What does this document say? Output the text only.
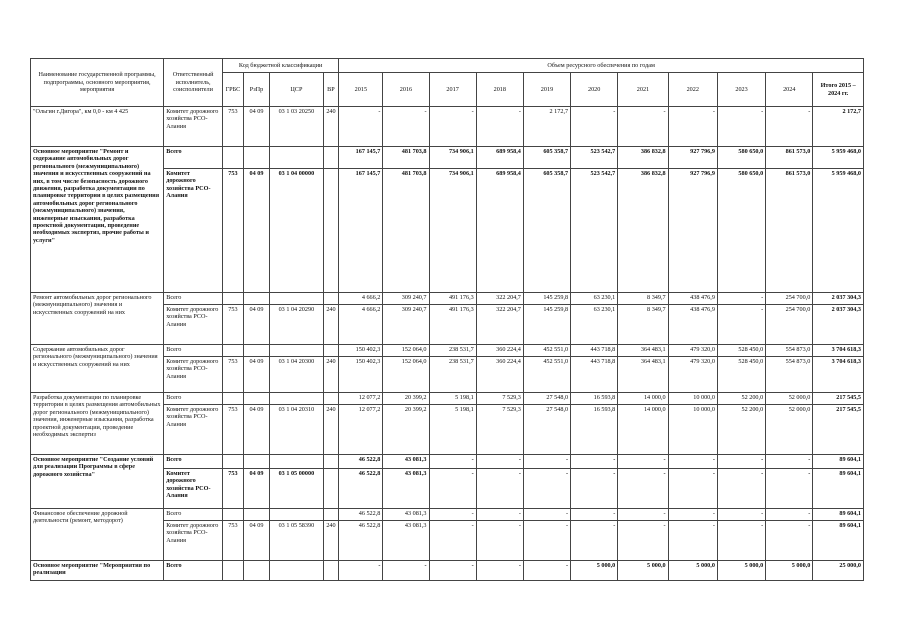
Наименование государственной программы, подпрограммы, основного мероприятия, мероприятия	Ответственный исполнитель, соисполнители	Код бюджетной классификации				Объем ресурсного обеспечения по годам										
		ГРБС	РзПр	ЦСР	ВР	2015	2016	2017	2018	2019	2020	2021	2022	2023	2024	Итого 2015 – 2024 гг.
"Ольгин г.Дигора", км 0,0 - км 4 425	Комитет дорожного хозяйства РСО-Алания	753	04 09	03 1 03 20250	240	-	-	-	-	2 172,7	-	-	-	-	-	2 172,7
Основное мероприятие "Ремонт и содержание автомобильных дорог регионального (межмуниципального) значения и искусственных сооружений на них, в том числе безопасность дорожного движения, разработка документации по планировке территории в целях размещения автомобильных дорог регионального (межмуниципального) значения, инженерные изыскания, разработка проектной документации, проведение необходимых экспертиз, прочие работы и услуги"	Всего					167 145,7	481 703,8	734 906,1	689 958,4	605 358,7	523 542,7	386 832,8	927 796,9	580 650,0	861 573,0	5 959 468,0
	Комитет дорожного хозяйства РСО-Алания	753	04 09	03 1 04 00000		167 145,7	481 703,8	734 906,1	689 958,4	605 358,7	523 542,7	386 832,8	927 796,9	580 650,0	861 573,0	5 959 468,0
Ремонт автомобильных дорог регионального (межмуниципального) значения и искусственных сооружений на них	Всего					4 666,2	309 240,7	491 176,3	322 204,7	145 259,8	63 230,1	8 349,7	438 476,9	-	254 700,0	2 037 304,3
	Комитет дорожного хозяйства РСО-Алания	753	04 09	03 1 04 20290	240	4 666,2	309 240,7	491 176,3	322 204,7	145 259,8	63 230,1	8 349,7	438 476,9	-	254 700,0	2 037 304,3
Содержание автомобильных дорог регионального (межмуниципального) значения и искусственных сооружений на них	Всего					150 402,3	152 064,0	238 531,7	360 224,4	452 551,0	443 718,8	364 483,1	479 320,0	528 450,0	554 873,0	3 704 618,3
	Комитет дорожного хозяйства РСО-Алания	753	04 09	03 1 04 20300	240	150 402,3	152 064,0	238 531,7	360 224,4	452 551,0	443 718,8	364 483,1	479 320,0	528 450,0	554 873,0	3 704 618,3
Разработка документации по планировке территории в целях размещения автомобильных дорог регионального (межмуниципального) значения, инженерные изыскания, разработка проектной документации, проведение необходимых экспертиз	Всего					12 077,2	20 399,2	5 198,1	7 529,3	27 548,0	16 593,8	14 000,0	10 000,0	52 200,0	52 000,0	217 545,5
	Комитет дорожного хозяйства РСО-Алания	753	04 09	03 1 04 20310	240	12 077,2	20 399,2	5 198,1	7 529,3	27 548,0	16 593,8	14 000,0	10 000,0	52 200,0	52 000,0	217 545,5
Основное мероприятие "Создание условий для реализации Программы в сфере дорожного хозяйства"	Всего					46 522,8	43 081,3	-	-	-	-	-	-	-	-	89 604,1
	Комитет дорожного хозяйства РСО-Алания	753	04 09	03 1 05 00000		46 522,8	43 081,3	-	-	-	-	-	-	-	-	89 604,1
Финансовое обеспечение дорожной деятельности (ремонт, методорот)	Всего					46 522,8	43 081,3	-	-	-	-	-	-	-	-	89 604,1
	Комитет дорожного хозяйства РСО-Алания	753	04 09	03 1 05 58390	240	46 522,8	43 081,3	-	-	-	-	-	-	-	-	89 604,1
Основное мероприятие "Мероприятия по реализации	Всего					-	-	-	-	-	5 000,0	5 000,0	5 000,0	5 000,0	5 000,0	25 000,0
